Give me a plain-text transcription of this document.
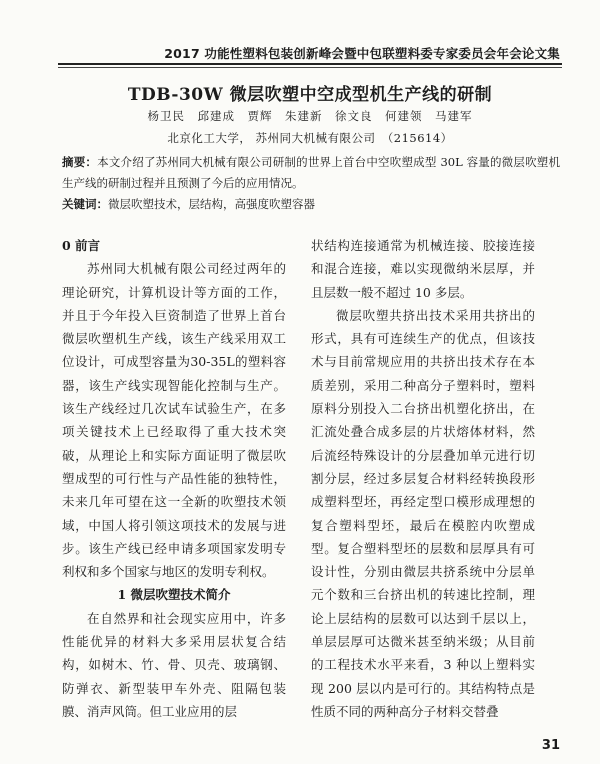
2017 功能性塑料包装创新峰会暨中包联塑料委专家委员会年会论文集
TDB-30W 微层吹塑中空成型机生产线的研制
杨卫民　邱建成　贾辉　朱建新　徐文良　何建领　马建军
北京化工大学， 苏州同大机械有限公司　（215614）
摘要：本文介绍了苏州同大机械有限公司研制的世界上首台中空吹塑成型 30L 容量的微层吹塑机生产线的研制过程并且预测了今后的应用情况。
关键词：微层吹塑技术，层结构，高强度吹塑容器

0 前言

苏州同大机械有限公司经过两年的理论研究，计算机设计等方面的工作，并且于今年投入巨资制造了世界上首台微层吹塑机生产线，该生产线采用双工位设计，可成型容量为30-35L的塑料容器，该生产线实现智能化控制与生产。该生产线经过几次试车试验生产，在多项关键技术上已经取得了重大技术突破，从理论上和实际方面证明了微层吹塑成型的可行性与产品性能的独特性，未来几年可望在这一全新的吹塑技术领域，中国人将引领这项技术的发展与进步。该生产线已经申请多项国家发明专利权和多个国家与地区的发明专利权。

1 微层吹塑技术简介

在自然界和社会现实应用中，许多性能优异的材料大多采用层状复合结构，如树木、竹、骨、贝壳、玻璃钢、防弹衣、新型装甲车外壳、阻隔包装膜、消声风筒。但工业应用的层

状结构连接通常为机械连接、胶接连接和混合连接，难以实现微纳米层厚，并且层数一般不超过 10 多层。

微层吹塑共挤出技术采用共挤出的形式，具有可连续生产的优点，但该技术与目前常规应用的共挤出技术存在本质差别，采用二种高分子塑料时，塑料原料分别投入二台挤出机塑化挤出，在汇流处叠合成多层的片状熔体材料，然后流经特殊设计的分层叠加单元进行切割分层，经过多层复合材料经转换段形成塑料型坯，再经定型口模形成理想的复合塑料型坯，最后在模腔内吹塑成型。复合塑料型坯的层数和层厚具有可设计性，分别由微层共挤系统中分层单元个数和三台挤出机的转速比控制，理论上层结构的层数可以达到千层以上，单层层厚可达微米甚至纳米级；从目前的工程技术水平来看，3 种以上塑料实现 200 层以内是可行的。其结构特点是性质不同的两种高分子材料交替叠

31
